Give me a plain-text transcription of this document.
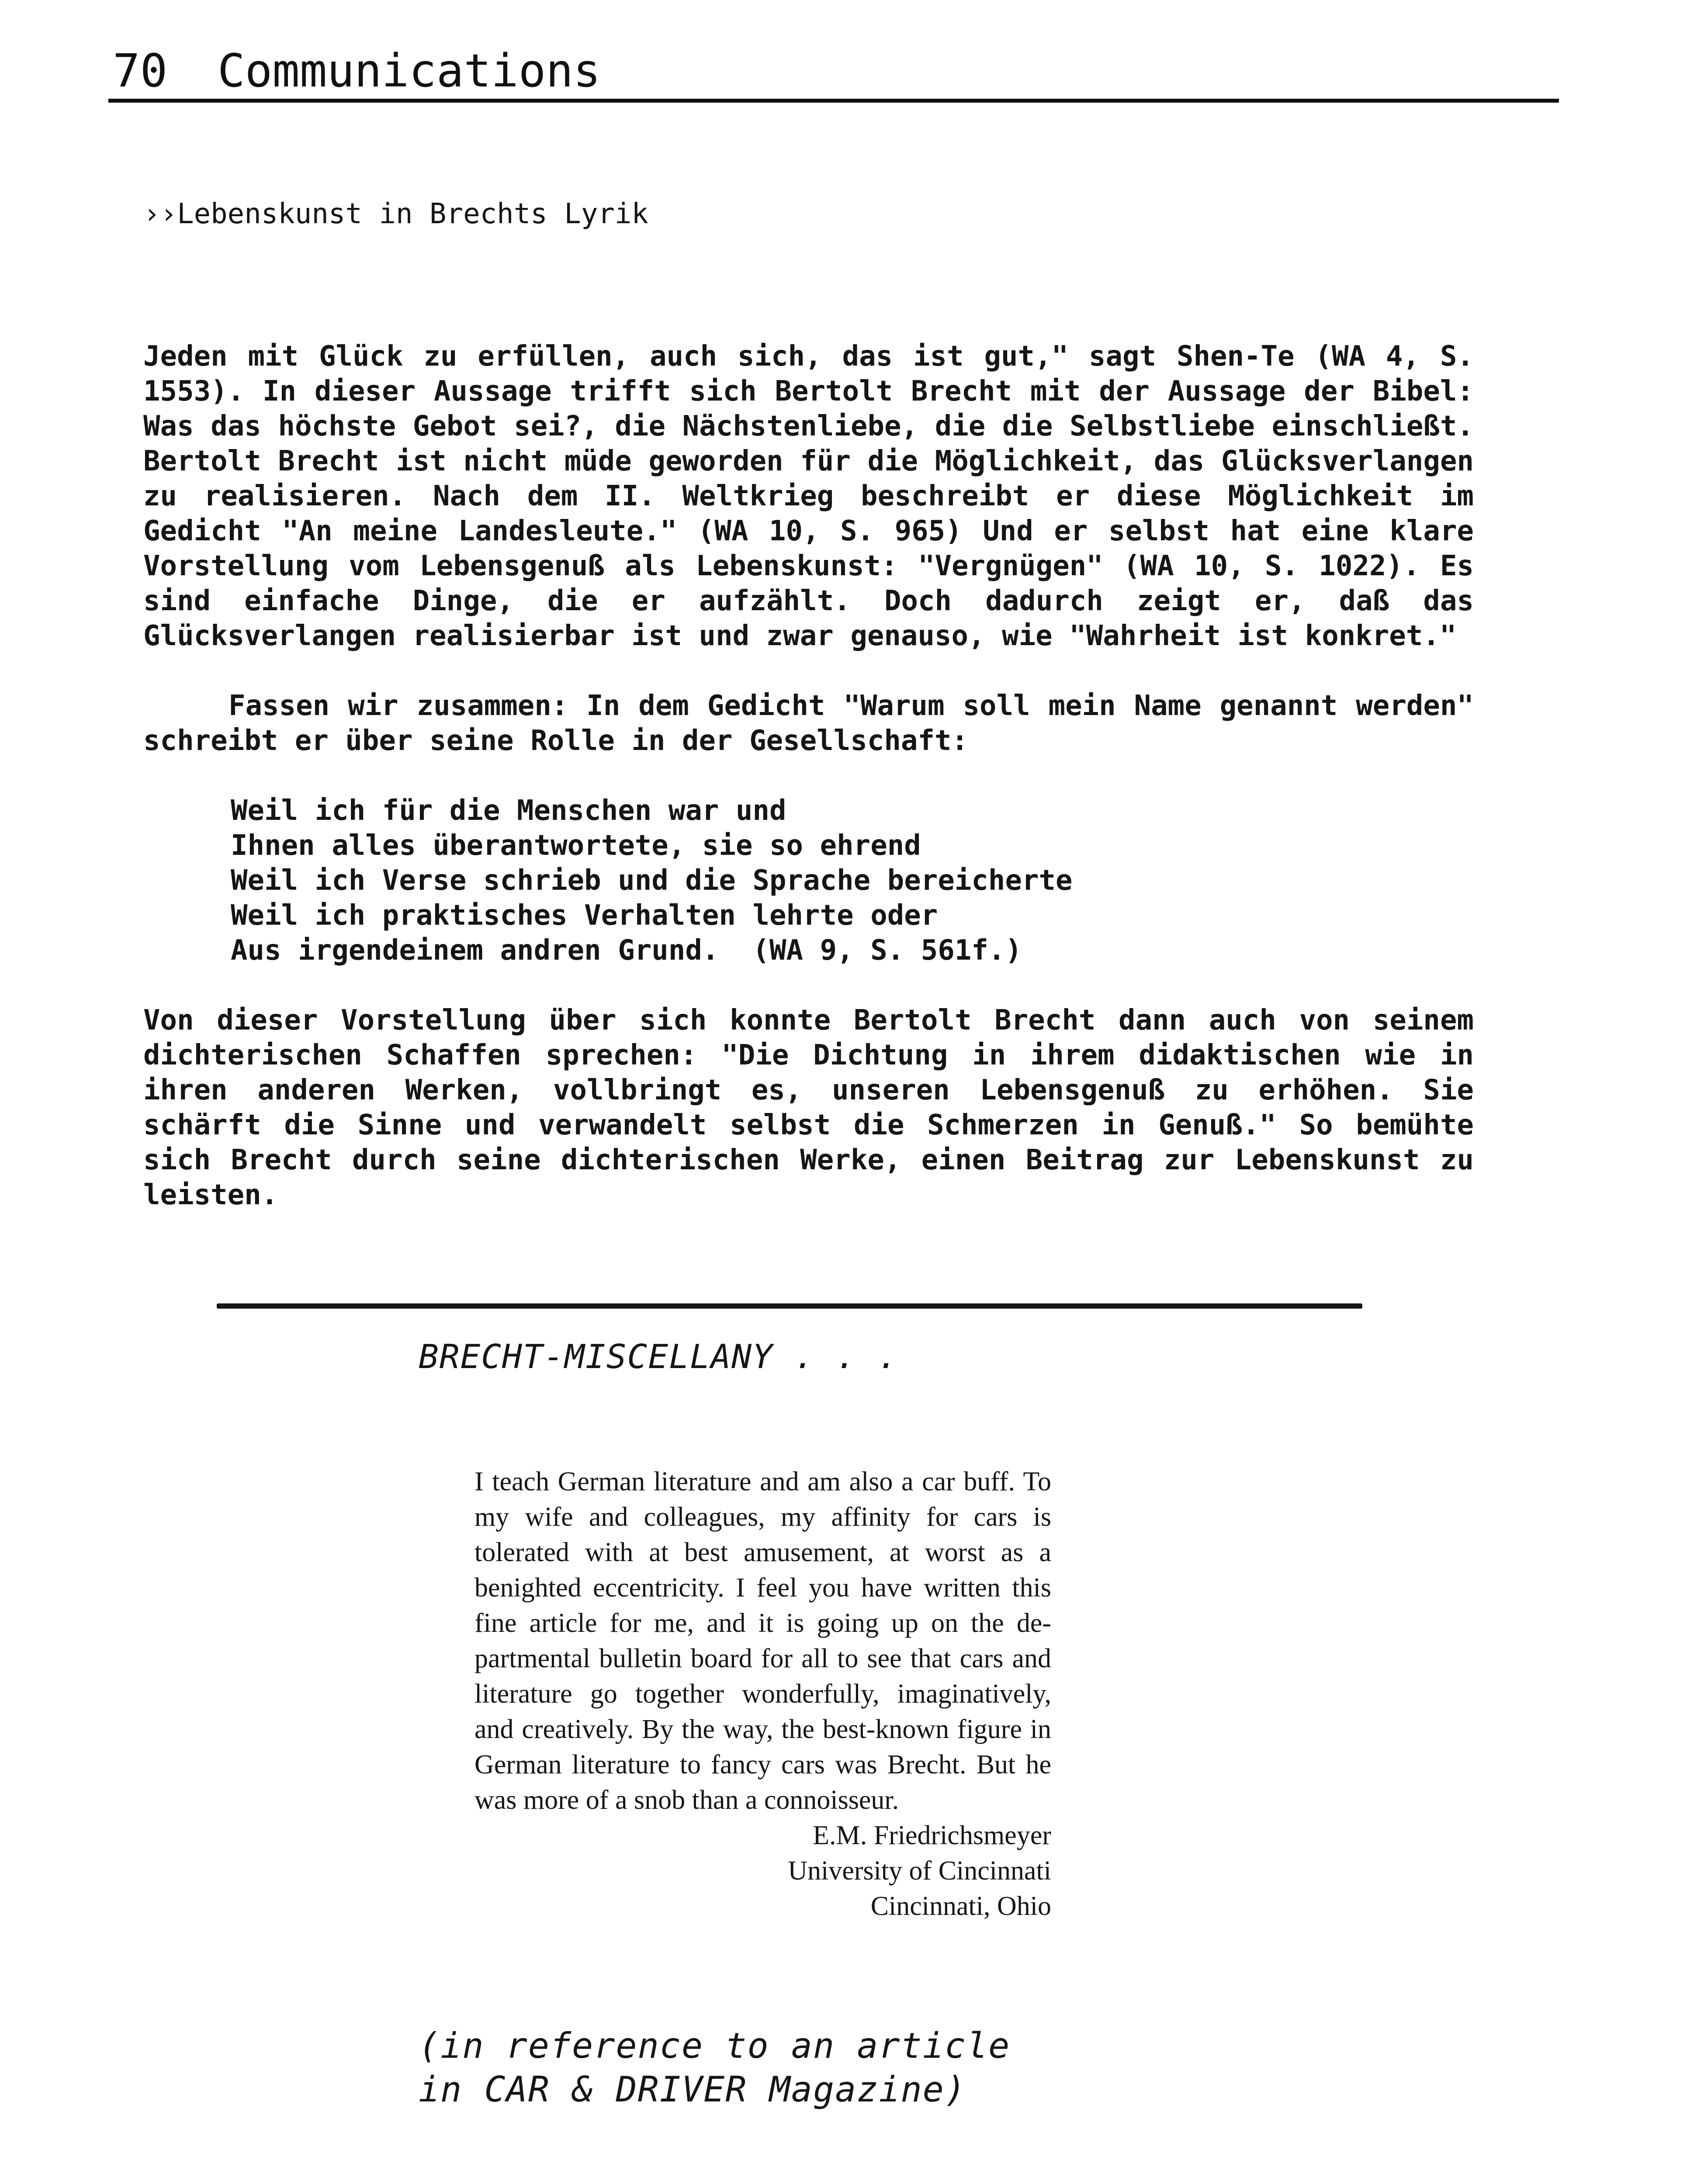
70 Communications
››Lebenskunst in Brechts Lyrik

Jeden mit Glück zu erfüllen, auch sich, das ist gut," sagt Shen-Te (WA 4, S. 1553). In dieser Aussage trifft sich Bertolt Brecht mit der Aussage der Bibel: Was das höchste Gebot sei?, die Nächstenliebe, die die Selbstliebe einschließt. Bertolt Brecht ist nicht müde geworden für die Möglichkeit, das Glücksverlangen zu realisieren. Nach dem II. Weltkrieg beschreibt er diese Möglichkeit im Gedicht "An meine Landesleute." (WA 10, S. 965) Und er selbst hat eine klare Vorstellung vom Lebensgenuß als Lebenskunst: "Vergnügen" (WA 10, S. 1022). Es sind einfache Dinge, die er aufzählt. Doch dadurch zeigt er, daß das Glücksverlangen realisierbar ist und zwar genauso, wie "Wahrheit ist konkret."

Fassen wir zusammen: In dem Gedicht "Warum soll mein Name genannt werden" schreibt er über seine Rolle in der Gesellschaft:

Weil ich für die Menschen war und
Ihnen alles überantwortete, sie so ehrend
Weil ich Verse schrieb und die Sprache bereicherte
Weil ich praktisches Verhalten lehrte oder
Aus irgendeinem andren Grund.  (WA 9, S. 561f.)

Von dieser Vorstellung über sich konnte Bertolt Brecht dann auch von seinem dichterischen Schaffen sprechen: "Die Dichtung in ihrem didaktischen wie in ihren anderen Werken, vollbringt es, unseren Lebensgenuß zu erhöhen. Sie schärft die Sinne und verwandelt selbst die Schmerzen in Genuß." So bemühte sich Brecht durch seine dichterischen Werke, einen Beitrag zur Lebenskunst zu leisten.

BRECHT-MISCELLANY . . .

I teach German literature and am also a car buff. To my wife and colleagues, my affinity for cars is tolerated with at best amusement, at worst as a benighted eccentricity. I feel you have written this fine article for me, and it is going up on the departmental bulletin board for all to see that cars and literature go together wonderfully, imaginatively, and creatively. By the way, the best-known figure in German literature to fancy cars was Brecht. But he was more of a snob than a connoisseur.

E.M. Friedrichsmeyer
University of Cincinnati
Cincinnati, Ohio
(in reference to an article
in CAR & DRIVER Magazine)
